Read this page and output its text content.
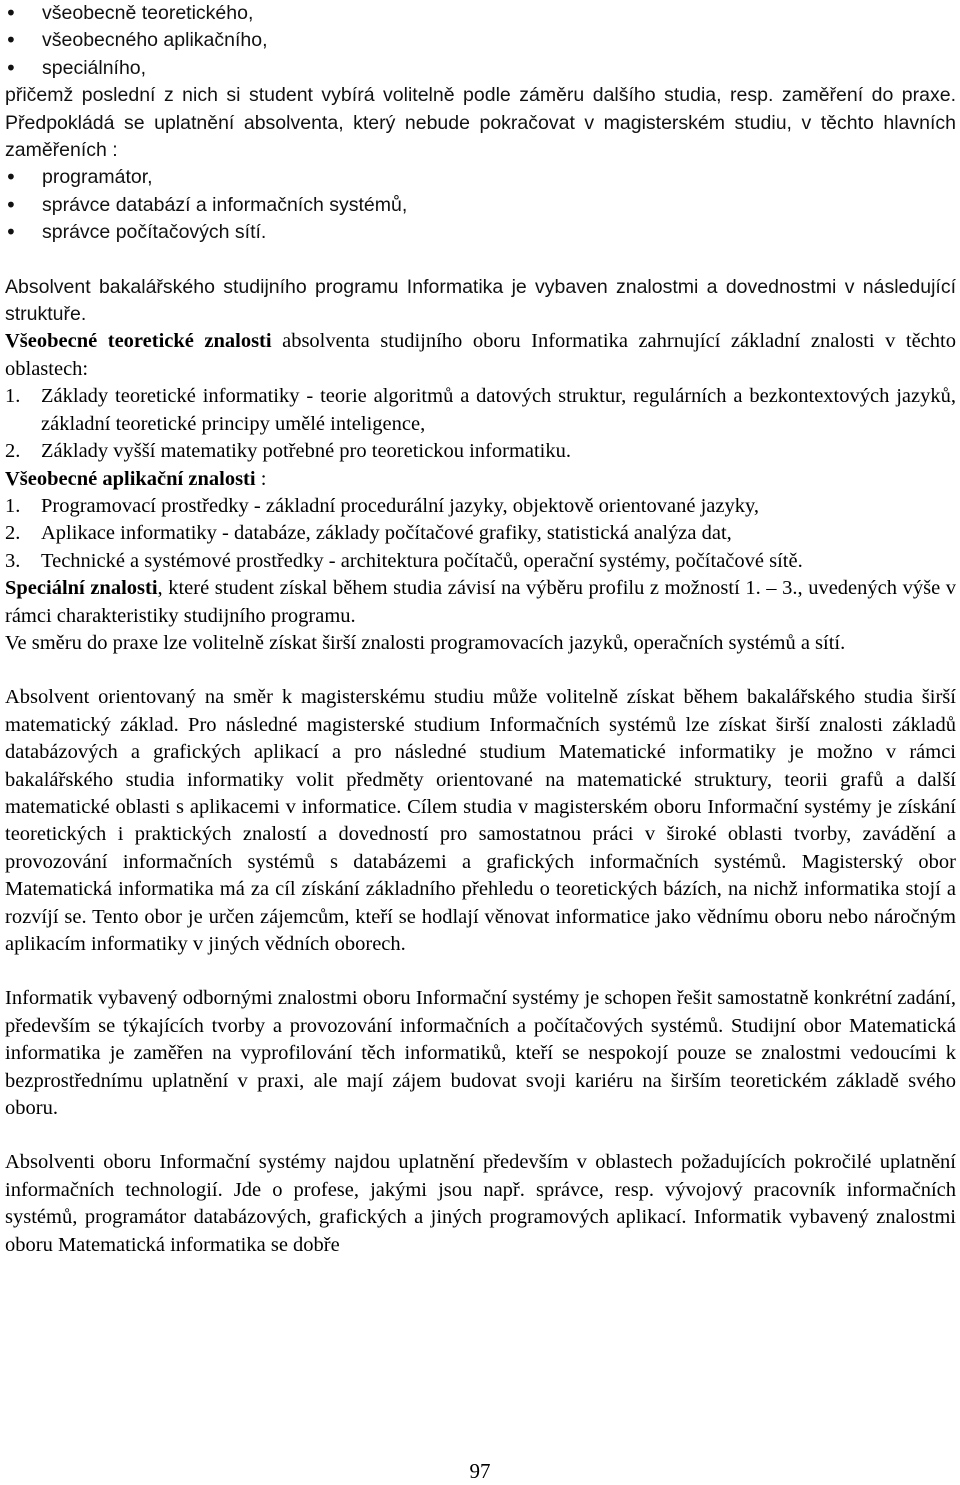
• všeobecně teoretického,
• všeobecného aplikačního,
• speciálního,

přičemž poslední z nich si student vybírá volitelně podle záměru dalšího studia, resp. zaměření do praxe. Předpokládá se uplatnění absolventa, který nebude pokračovat v magisterském studiu, v těchto hlavních zaměřeních :

• programátor,
• správce databází a informačních systémů,
• správce počítačových sítí.

Absolvent bakalářského studijního programu Informatika je vybaven znalostmi a dovednostmi v následující struktuře.

Všeobecné teoretické znalosti absolventa studijního oboru Informatika zahrnující základní znalosti v těchto oblastech:

1. Základy teoretické informatiky - teorie algoritmů a datových struktur, regulárních a bezkontextových jazyků, základní teoretické principy umělé inteligence,

2. Základy vyšší matematiky potřebné pro teoretickou informatiku.

Všeobecné aplikační znalosti :

1. Programovací prostředky - základní procedurální jazyky, objektově orientované jazyky,

2. Aplikace informatiky - databáze, základy počítačové grafiky, statistická analýza dat,

3. Technické a systémové prostředky - architektura počítačů, operační systémy, počítačové sítě.

Speciální znalosti, které student získal během studia závisí na výběru profilu z možností 1. – 3., uvedených výše v rámci charakteristiky studijního programu.

Ve směru do praxe lze volitelně získat širší znalosti programovacích jazyků, operačních systémů a sítí.

Absolvent orientovaný na směr k magisterskému studiu může volitelně získat během bakalářského studia širší matematický základ. Pro následné magisterské studium Informačních systémů lze získat širší znalosti základů databázových a grafických aplikací a pro následné studium Matematické informatiky je možno v rámci bakalářského studia informatiky volit předměty orientované na matematické struktury, teorii grafů a další matematické oblasti s aplikacemi v informatice. Cílem studia v magisterském oboru Informační systémy je získání teoretických i praktických znalostí a dovedností pro samostatnou práci v široké oblasti tvorby, zavádění a provozování informačních systémů s databázemi a grafických informačních systémů. Magisterský obor Matematická informatika má za cíl získání základního přehledu o teoretických bázích, na nichž informatika stojí a rozvíjí se. Tento obor je určen zájemcům, kteří se hodlají věnovat informatice jako vědnímu oboru nebo náročným aplikacím informatiky v jiných vědních oborech.

Informatik vybavený odbornými znalostmi oboru Informační systémy je schopen řešit samostatně konkrétní zadání, především se týkajících tvorby a provozování informačních a počítačových systémů. Studijní obor Matematická informatika je zaměřen na vyprofilování těch informatiků, kteří se nespokojí pouze se znalostmi vedoucími k bezprostřednímu uplatnění v praxi, ale mají zájem budovat svoji kariéru na širším teoretickém základě svého oboru.

Absolventi oboru Informační systémy najdou uplatnění především v oblastech požadujících pokročilé uplatnění informačních technologií. Jde o profese, jakými jsou např. správce, resp. vývojový pracovník informačních systémů, programátor databázových, grafických a jiných programových aplikací. Informatik vybavený znalostmi oboru Matematická informatika se dobře

97
